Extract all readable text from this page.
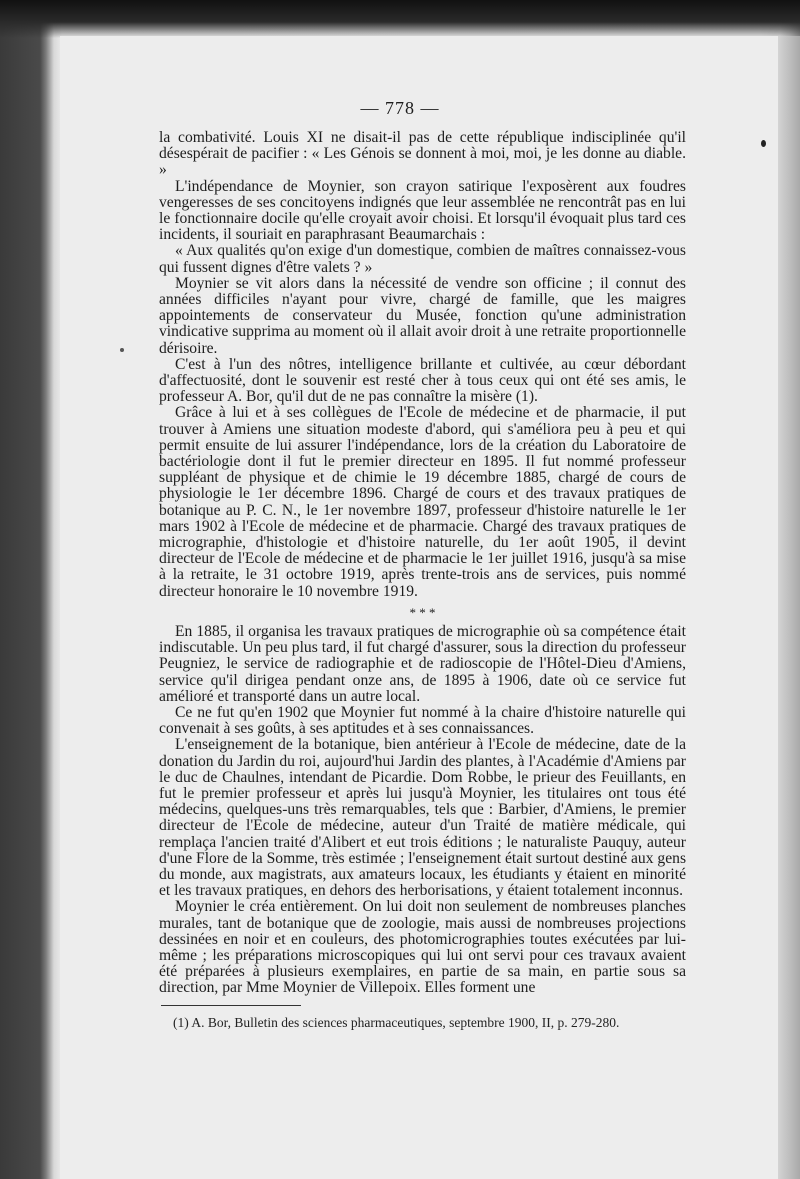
— 778 —

la combativité. Louis XI ne disait-il pas de cette république indisciplinée qu'il désespérait de pacifier : « Les Génois se donnent à moi, moi, je les donne au diable. »

L'indépendance de Moynier, son crayon satirique l'exposèrent aux foudres vengeresses de ses concitoyens indignés que leur assemblée ne rencontrât pas en lui le fonctionnaire docile qu'elle croyait avoir choisi. Et lorsqu'il évoquait plus tard ces incidents, il souriait en paraphrasant Beaumarchais :

« Aux qualités qu'on exige d'un domestique, combien de maîtres connaissez-vous qui fussent dignes d'être valets ? »

Moynier se vit alors dans la nécessité de vendre son officine ; il connut des années difficiles n'ayant pour vivre, chargé de famille, que les maigres appointements de conservateur du Musée, fonction qu'une administration vindicative supprima au moment où il allait avoir droit à une retraite proportionnelle dérisoire.

C'est à l'un des nôtres, intelligence brillante et cultivée, au cœur débordant d'affectuosité, dont le souvenir est resté cher à tous ceux qui ont été ses amis, le professeur A. Bor, qu'il dut de ne pas connaître la misère (1).

Grâce à lui et à ses collègues de l'Ecole de médecine et de pharmacie, il put trouver à Amiens une situation modeste d'abord, qui s'améliora peu à peu et qui permit ensuite de lui assurer l'indépendance, lors de la création du Laboratoire de bactériologie dont il fut le premier directeur en 1895. Il fut nommé professeur suppléant de physique et de chimie le 19 décembre 1885, chargé de cours de physiologie le 1er décembre 1896. Chargé de cours et des travaux pratiques de botanique au P. C. N., le 1er novembre 1897, professeur d'histoire naturelle le 1er mars 1902 à l'Ecole de médecine et de pharmacie. Chargé des travaux pratiques de micrographie, d'histologie et d'histoire naturelle, du 1er août 1905, il devint directeur de l'Ecole de médecine et de pharmacie le 1er juillet 1916, jusqu'à sa mise à la retraite, le 31 octobre 1919, après trente-trois ans de services, puis nommé directeur honoraire le 10 novembre 1919.

* * *

En 1885, il organisa les travaux pratiques de micrographie où sa compétence était indiscutable. Un peu plus tard, il fut chargé d'assurer, sous la direction du professeur Peugniez, le service de radiographie et de radioscopie de l'Hôtel-Dieu d'Amiens, service qu'il dirigea pendant onze ans, de 1895 à 1906, date où ce service fut amélioré et transporté dans un autre local.

Ce ne fut qu'en 1902 que Moynier fut nommé à la chaire d'histoire naturelle qui convenait à ses goûts, à ses aptitudes et à ses connaissances.

L'enseignement de la botanique, bien antérieur à l'Ecole de médecine, date de la donation du Jardin du roi, aujourd'hui Jardin des plantes, à l'Académie d'Amiens par le duc de Chaulnes, intendant de Picardie. Dom Robbe, le prieur des Feuillants, en fut le premier professeur et après lui jusqu'à Moynier, les titulaires ont tous été médecins, quelques-uns très remarquables, tels que : Barbier, d'Amiens, le premier directeur de l'Ecole de médecine, auteur d'un Traité de matière médicale, qui remplaça l'ancien traité d'Alibert et eut trois éditions ; le naturaliste Pauquy, auteur d'une Flore de la Somme, très estimée ; l'enseignement était surtout destiné aux gens du monde, aux magistrats, aux amateurs locaux, les étudiants y étaient en minorité et les travaux pratiques, en dehors des herborisations, y étaient totalement inconnus.

Moynier le créa entièrement. On lui doit non seulement de nombreuses planches murales, tant de botanique que de zoologie, mais aussi de nombreuses projections dessinées en noir et en couleurs, des photomicrographies toutes exécutées par lui-même ; les préparations microscopiques qui lui ont servi pour ces travaux avaient été préparées à plusieurs exemplaires, en partie de sa main, en partie sous sa direction, par Mme Moynier de Villepoix. Elles forment une

(1) A. Bor, Bulletin des sciences pharmaceutiques, septembre 1900, II, p. 279-280.
